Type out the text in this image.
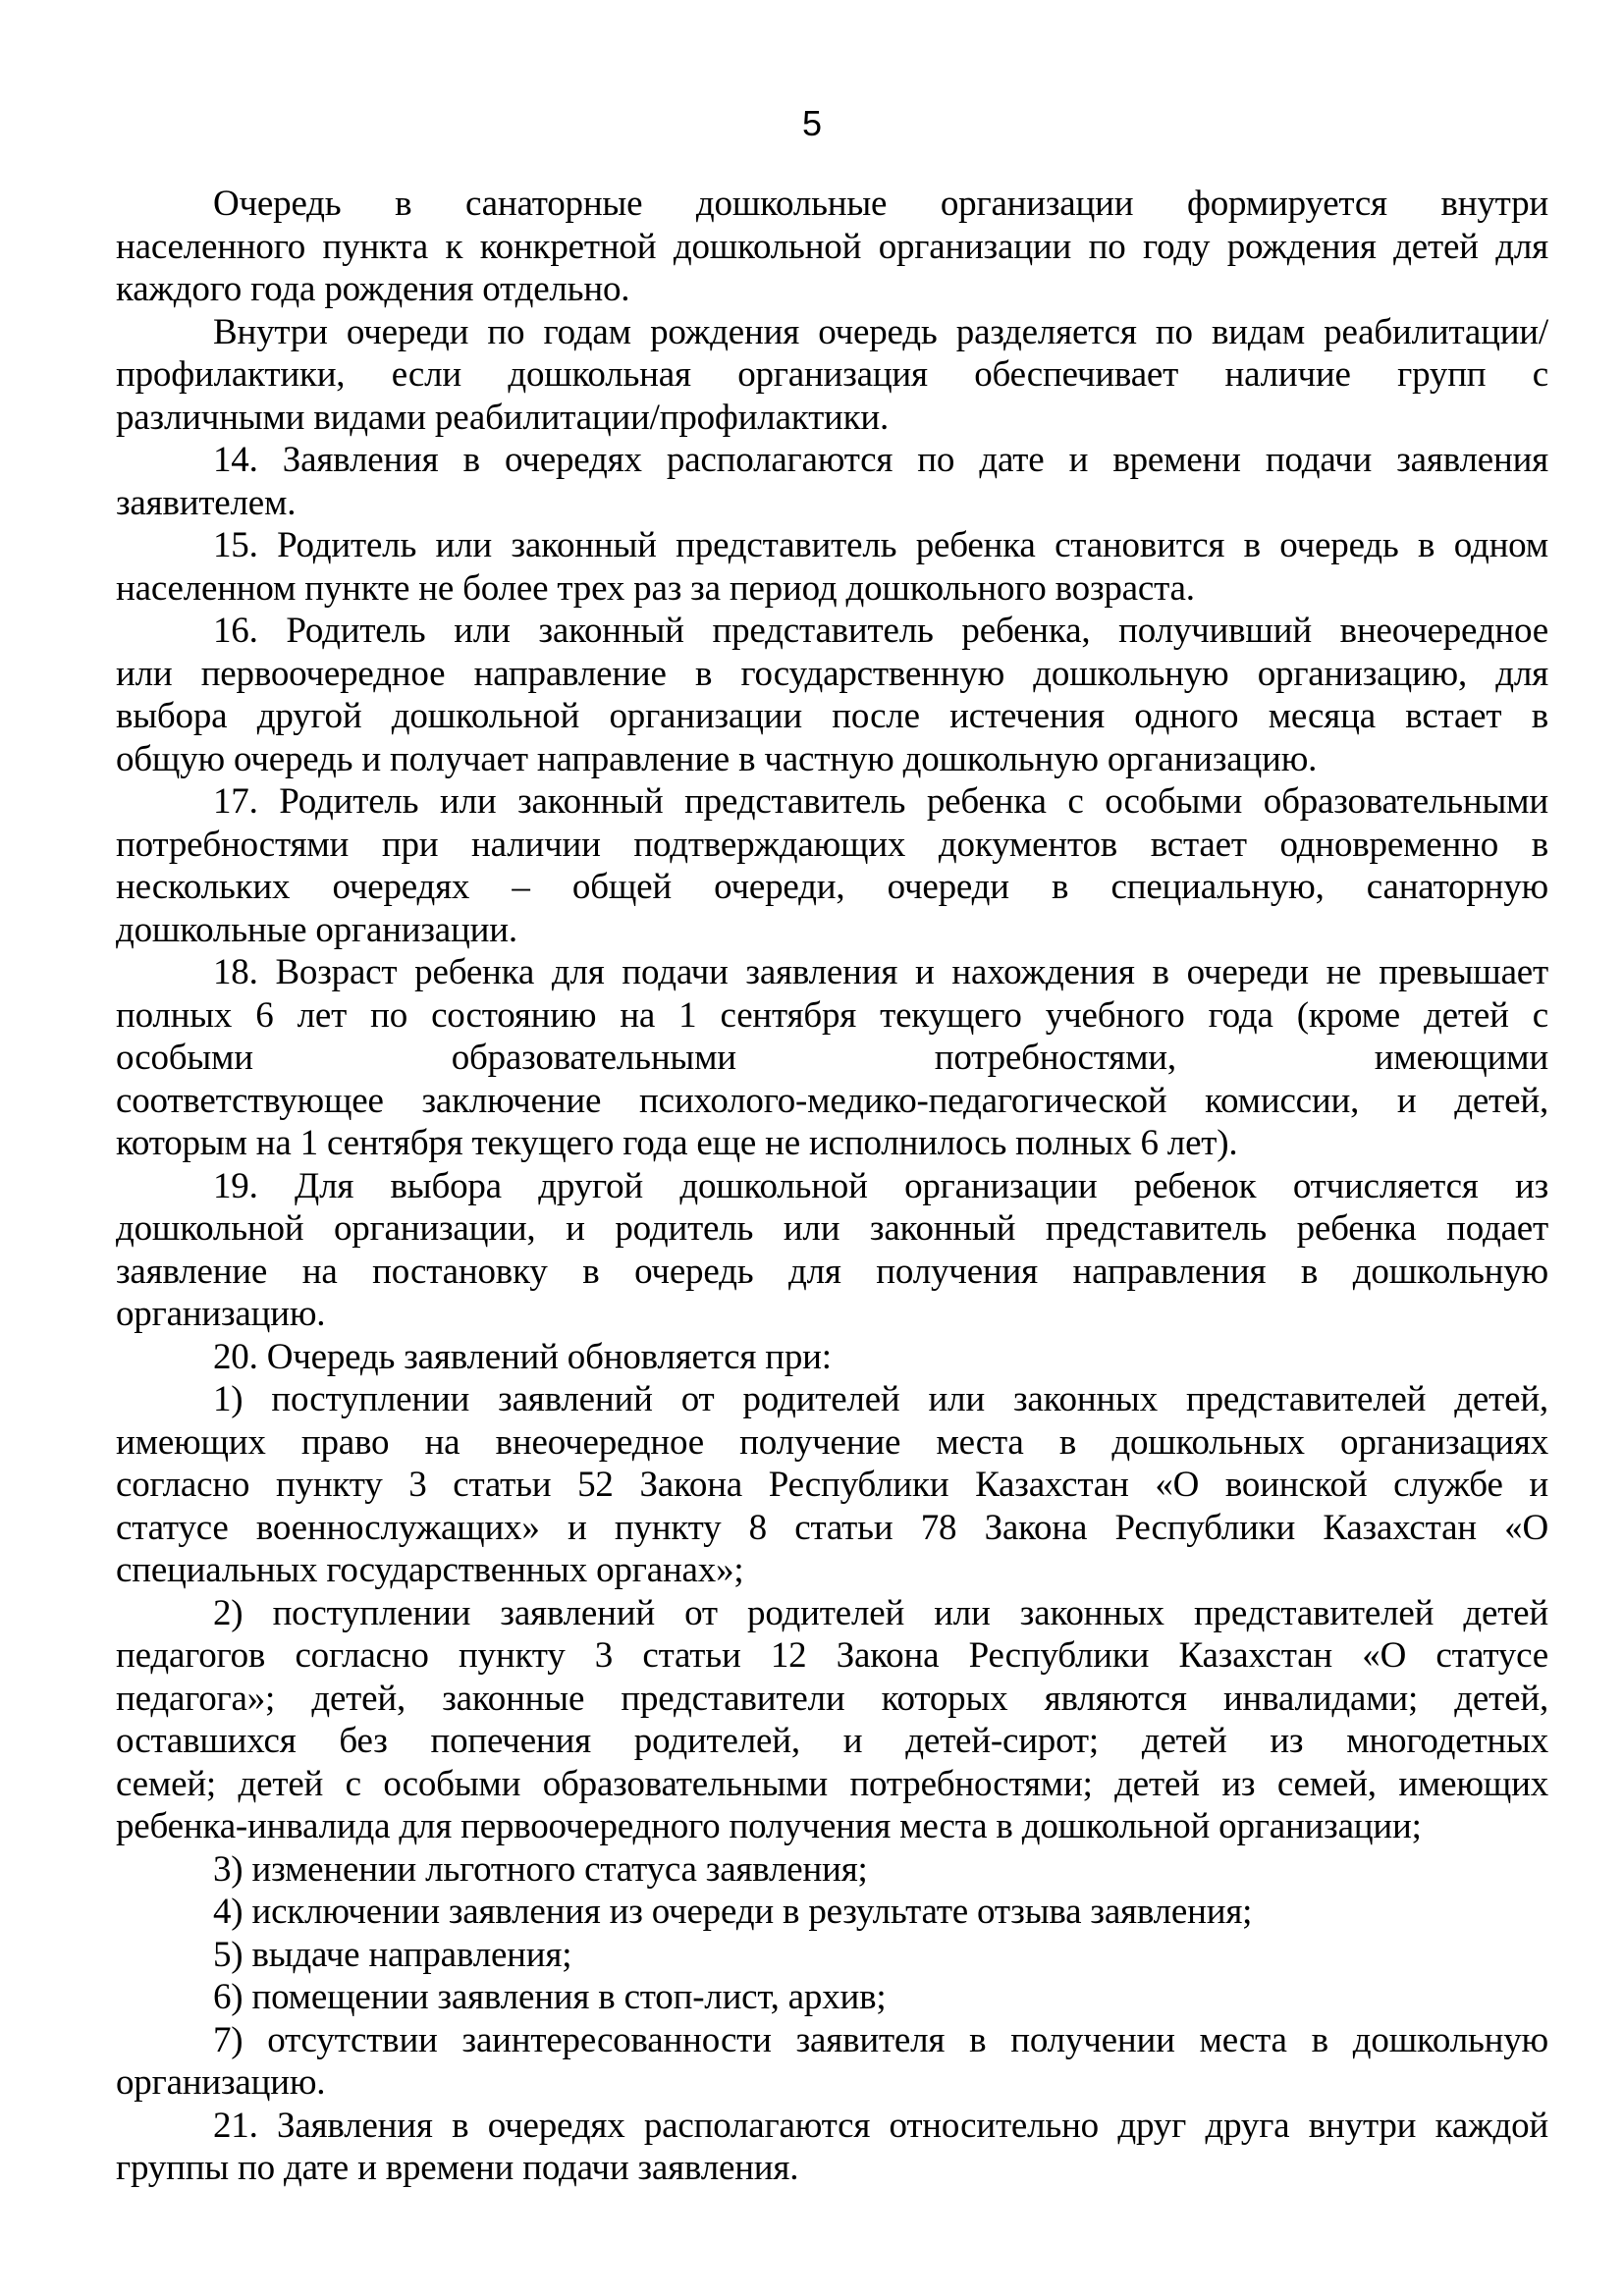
5
Очередь в санаторные дошкольные организации формируется внутри
населенного пункта к конкретной дошкольной организации по году рождения детей для
каждого года рождения отдельно.
Внутри очереди по годам рождения очередь разделяется по видам реабилитации/
профилактики, если дошкольная организация обеспечивает наличие групп с
различными видами реабилитации/профилактики.
14. Заявления в очередях располагаются по дате и времени подачи заявления
заявителем.
15. Родитель или законный представитель ребенка становится в очередь в одном
населенном пункте не более трех раз за период дошкольного возраста.
16. Родитель или законный представитель ребенка, получивший внеочередное
или первоочередное направление в государственную дошкольную организацию, для
выбора другой дошкольной организации после истечения одного месяца встает в
общую очередь и получает направление в частную дошкольную организацию.
17. Родитель или законный представитель ребенка с особыми образовательными
потребностями при наличии подтверждающих документов встает одновременно в
нескольких очередях – общей очереди, очереди в специальную, санаторную
дошкольные организации.
18. Возраст ребенка для подачи заявления и нахождения в очереди не превышает
полных 6 лет по состоянию на 1 сентября текущего учебного года (кроме детей с
особыми образовательными потребностями, имеющими
соответствующее заключение психолого-медико-педагогической комиссии, и детей,
которым на 1 сентября текущего года еще не исполнилось полных 6 лет).
19. Для выбора другой дошкольной организации ребенок отчисляется из
дошкольной организации, и родитель или законный представитель ребенка подает
заявление на постановку в очередь для получения направления в дошкольную
организацию.
20. Очередь заявлений обновляется при:
1) поступлении заявлений от родителей или законных представителей детей,
имеющих право на внеочередное получение места в дошкольных организациях
согласно пункту 3 статьи 52 Закона Республики Казахстан «О воинской службе и
статусе военнослужащих» и пункту 8 статьи 78 Закона Республики Казахстан «О
специальных государственных органах»;
2) поступлении заявлений от родителей или законных представителей детей
педагогов согласно пункту 3 статьи 12 Закона Республики Казахстан «О статусе
педагога»; детей, законные представители которых являются инвалидами; детей,
оставшихся без попечения родителей, и детей-сирот; детей из многодетных
семей; детей с особыми образовательными потребностями; детей из семей, имеющих
ребенка-инвалида для первоочередного получения места в дошкольной организации;
3) изменении льготного статуса заявления;
4) исключении заявления из очереди в результате отзыва заявления;
5) выдаче направления;
6) помещении заявления в стоп-лист, архив;
7) отсутствии заинтересованности заявителя в получении места в дошкольную
организацию.
21. Заявления в очередях располагаются относительно друг друга внутри каждой
группы по дате и времени подачи заявления.
